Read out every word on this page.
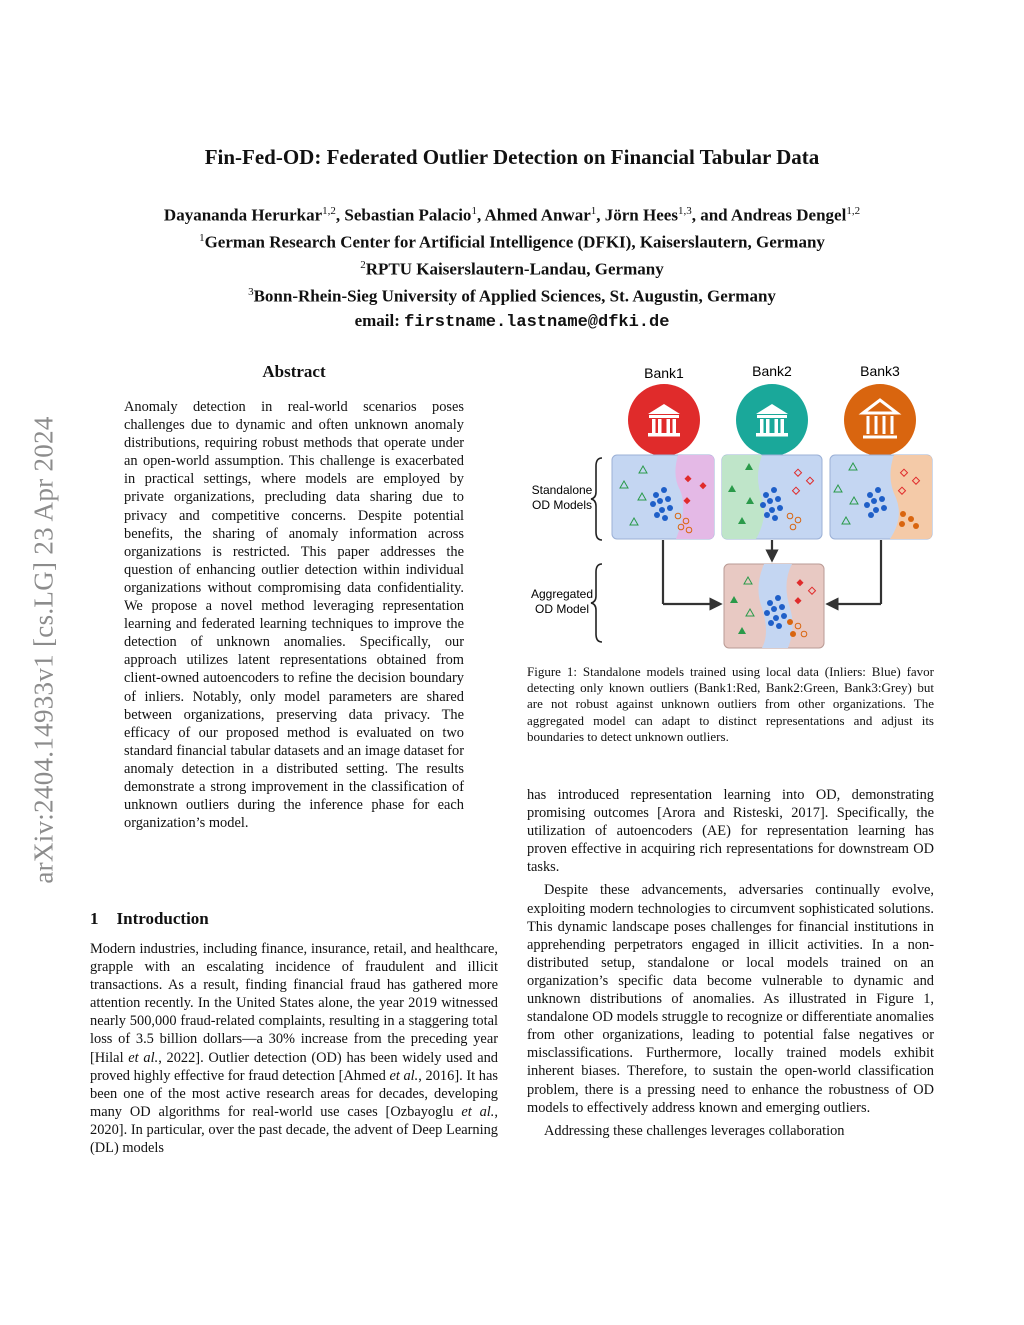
arXiv:2404.14933v1 [cs.LG] 23 Apr 2024
Fin-Fed-OD: Federated Outlier Detection on Financial Tabular Data
Dayananda Herurkar$^{1,2}$, Sebastian Palacio$^1$, Ahmed Anwar$^1$, Jörn Hees$^{1,3}$, and Andreas Dengel$^{1,2}$
$^1$German Research Center for Artificial Intelligence (DFKI), Kaiserslautern, Germany
$^2$RPTU Kaiserslautern-Landau, Germany
$^3$Bonn-Rhein-Sieg University of Applied Sciences, St. Augustin, Germany
email: firstname.lastname@dfki.de
Abstract

Anomaly detection in real-world scenarios poses challenges due to dynamic and often unknown anomaly distributions, requiring robust methods that operate under an open-world assumption. This challenge is exacerbated in practical settings, where models are employed by private organizations, precluding data sharing due to privacy and competitive concerns. Despite potential benefits, the sharing of anomaly information across organizations is restricted. This paper addresses the question of enhancing outlier detection within individual organizations without compromising data confidentiality. We propose a novel method leveraging representation learning and federated learning techniques to improve the detection of unknown anomalies. Specifically, our approach utilizes latent representations obtained from client-owned autoencoders to refine the decision boundary of inliers. Notably, only model parameters are shared between organizations, preserving data privacy. The efficacy of our proposed method is evaluated on two standard financial tabular datasets and an image dataset for anomaly detection in a distributed setting. The results demonstrate a strong improvement in the classification of unknown outliers during the inference phase for each organization’s model.

1 Introduction

Modern industries, including finance, insurance, retail, and healthcare, grapple with an escalating incidence of fraudulent and illicit transactions. As a result, finding financial fraud has gathered more attention recently. In the United States alone, the year 2019 witnessed nearly 500,000 fraud-related complaints, resulting in a staggering total loss of 3.5 billion dollars—a 30% increase from the preceding year [Hilal et al., 2022]. Outlier detection (OD) has been widely used and proved highly effective for fraud detection [Ahmed et al., 2016]. It has been one of the most active research areas for decades, developing many OD algorithms for real-world use cases [Ozbayoglu et al., 2020]. In particular, over the past decade, the advent of Deep Learning (DL) models

Bank1	Bank2	Bank3
Standalone
OD Models
Aggregated
OD Model

Figure 1: Standalone models trained using local data (Inliers: Blue) favor detecting only known outliers (Bank1:Red, Bank2:Green, Bank3:Grey) but are not robust against unknown outliers from other organizations. The aggregated model can adapt to distinct representations and adjust its boundaries to detect unknown outliers.

has introduced representation learning into OD, demonstrating promising outcomes [Arora and Risteski, 2017]. Specifically, the utilization of autoencoders (AE) for representation learning has proven effective in acquiring rich representations for downstream OD tasks.

Despite these advancements, adversaries continually evolve, exploiting modern technologies to circumvent sophisticated solutions. This dynamic landscape poses challenges for financial institutions in apprehending perpetrators engaged in illicit activities. In a non-distributed setup, standalone or local models trained on an organization’s specific data become vulnerable to dynamic and unknown distributions of anomalies. As illustrated in Figure 1, standalone OD models struggle to recognize or differentiate anomalies from other organizations, leading to potential false negatives or misclassifications. Furthermore, locally trained models exhibit inherent biases. Therefore, to sustain the open-world classification problem, there is a pressing need to enhance the robustness of OD models to effectively address known and emerging outliers.

Addressing these challenges leverages collaboration
